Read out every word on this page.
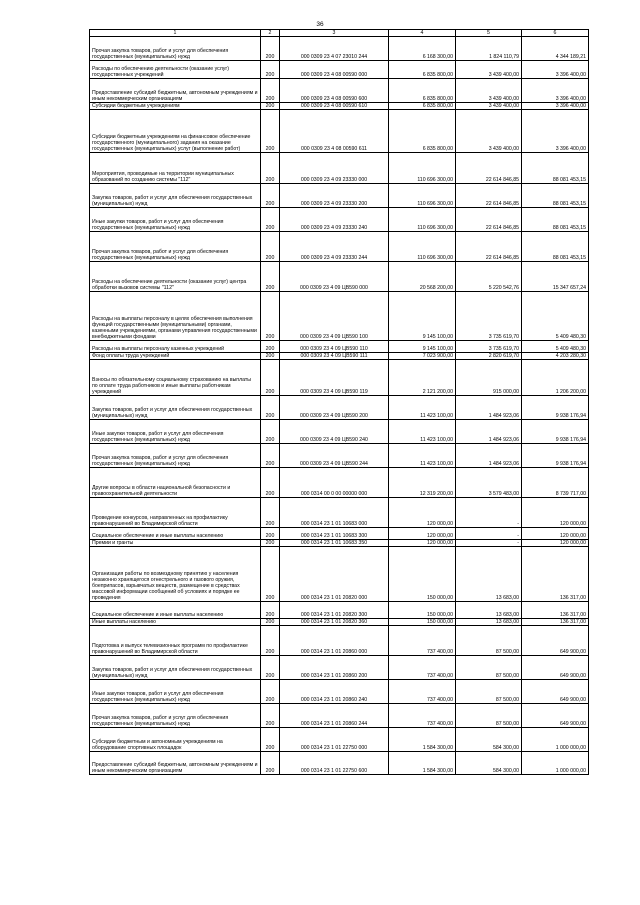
36
1	2	3	4	5	6
Прочая закупка товаров, работ и услуг для обеспечения государственных (муниципальных) нужд	200	000 0309 23 4 07 23010 244	6 168 300,00	1 824 110,79	4 344 189,21
Расходы по обеспечению деятельности (оказание услуг) государственных учреждений	200	000 0309 23 4 08 00590 000	6 835 800,00	3 439 400,00	3 396 400,00
Предоставление субсидий бюджетным, автономным учреждениям и иным некоммерческим организациям	200	000 0309 23 4 08 00590 600	6 835 800,00	3 439 400,00	3 396 400,00
Субсидии бюджетным учреждениям	200	000 0309 23 4 08 00590 610	6 835 800,00	3 439 400,00	3 396 400,00
Субсидии бюджетным учреждениям на финансовое обеспечение государственного (муниципального) задания на оказание государственных (муниципальных) услуг (выполнение работ)	200	000 0309 23 4 08 00590 611	6 835 800,00	3 439 400,00	3 396 400,00
Мероприятия, проводимые на территории муниципальных образований по созданию системы "112"	200	000 0309 23 4 09 23330 000	110 696 300,00	22 614 846,85	88 081 453,15
Закупка товаров, работ и услуг для обеспечения государственных (муниципальных) нужд	200	000 0309 23 4 09 23330 200	110 696 300,00	22 614 846,85	88 081 453,15
Иные закупки товаров, работ и услуг для обеспечения государственных (муниципальных) нужд	200	000 0309 23 4 09 23330 240	110 696 300,00	22 614 846,85	88 081 453,15
Прочая закупка товаров, работ и услуг для обеспечения государственных (муниципальных) нужд	200	000 0309 23 4 09 23330 244	110 696 300,00	22 614 846,85	88 081 453,15
Расходы на обеспечение деятельности (оказание услуг) центра обработки вызовов системы "112"	200	000 0309 23 4 09 ЦВ590 000	20 568 200,00	5 220 542,76	15 347 657,24
Расходы на выплаты персоналу в целях обеспечения выполнения функций государственными (муниципальными) органами, казенными учреждениями, органами управления государственными внебюджетными фондами	200	000 0309 23 4 09 ЦВ590 100	9 145 100,00	3 735 619,70	5 409 480,30
Расходы на выплаты персоналу казенных учреждений	200	000 0309 23 4 09 ЦВ590 110	9 145 100,00	3 735 619,70	5 409 480,30
Фонд оплаты труда учреждений	200	000 0309 23 4 09 ЦВ590 111	7 023 900,00	2 820 619,70	4 203 280,30
Взносы по обязательному социальному страхованию на выплаты по оплате труда работников и иные выплаты работникам учреждений	200	000 0309 23 4 09 ЦВ590 119	2 121 200,00	915 000,00	1 206 200,00
Закупка товаров, работ и услуг для обеспечения государственных (муниципальных) нужд	200	000 0309 23 4 09 ЦВ590 200	11 423 100,00	1 484 923,06	9 938 176,94
Иные закупки товаров, работ и услуг для обеспечения государственных (муниципальных) нужд	200	000 0309 23 4 09 ЦВ590 240	11 423 100,00	1 484 923,06	9 938 176,94
Прочая закупка товаров, работ и услуг для обеспечения государственных (муниципальных) нужд	200	000 0309 23 4 09 ЦВ590 244	11 423 100,00	1 484 923,06	9 938 176,94
Другие вопросы в области национальной безопасности и правоохранительной деятельности	200	000 0314 00 0 00 00000 000	12 319 200,00	3 579 483,00	8 739 717,00
Проведение конкурсов, направленных на профилактику правонарушений во Владимирской области	200	000 0314 23 1 01 10683 000	120 000,00	-	120 000,00
Социальное обеспечение и иные выплаты населению	200	000 0314 23 1 01 10683 300	120 000,00	-	120 000,00
Премии и гранты	200	000 0314 23 1 01 10683 350	120 000,00	-	120 000,00
Организация работы по возмездному принятию у населения незаконно хранящегося огнестрельного и газового оружия, боеприпасов, взрывчатых веществ, размещение в средствах массовой информации сообщений об условиях и порядке ее проведения	200	000 0314 23 1 01 20820 000	150 000,00	13 683,00	136 317,00
Социальное обеспечение и иные выплаты населению	200	000 0314 23 1 01 20820 300	150 000,00	13 683,00	136 317,00
Иные выплаты населению	200	000 0314 23 1 01 20820 360	150 000,00	13 683,00	136 317,00
Подготовка и выпуск телевизионных программ по профилактике правонарушений во Владимирской области	200	000 0314 23 1 01 20860 000	737 400,00	87 500,00	649 900,00
Закупка товаров, работ и услуг для обеспечения государственных (муниципальных) нужд	200	000 0314 23 1 01 20860 200	737 400,00	87 500,00	649 900,00
Иные закупки товаров, работ и услуг для обеспечения государственных (муниципальных) нужд	200	000 0314 23 1 01 20860 240	737 400,00	87 500,00	649 900,00
Прочая закупка товаров, работ и услуг для обеспечения государственных (муниципальных) нужд	200	000 0314 23 1 01 20860 244	737 400,00	87 500,00	649 900,00
Субсидии бюджетным и автономным учреждениям на оборудование спортивных площадок	200	000 0314 23 1 01 22750 000	1 584 300,00	584 300,00	1 000 000,00
Предоставление субсидий бюджетным, автономным учреждениям и иным некоммерческим организациям	200	000 0314 23 1 01 22750 600	1 584 300,00	584 300,00	1 000 000,00
